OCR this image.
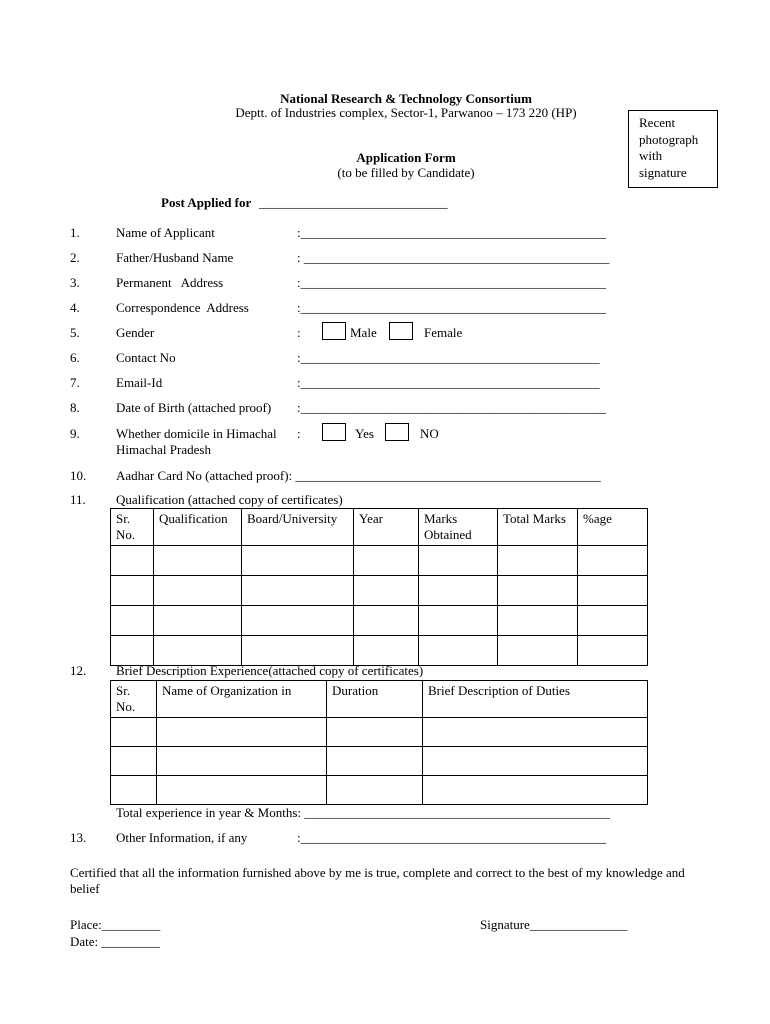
National Research & Technology Consortium
Deptt. of Industries complex, Sector-1, Parwanoo – 173 220 (HP)
Application Form
(to be filled by Candidate)
Recent
photograph
with
signature
Post Applied for _____________________________
1.	Name of Applicant	:_______________________________________________
2.	Father/Husband Name	: _______________________________________________
3.	Permanent   Address	:_______________________________________________
4.	Correspondence  Address	:_______________________________________________
5.	Gender	:	Male	Female
6.	Contact No	:______________________________________________
7.	Email-Id	:______________________________________________
8.	Date of Birth (attached proof) :_______________________________________________
9.	Whether domicile in Himachal
Himachal Pradesh
:	Yes	NO
10. Aadhar Card No (attached proof): _______________________________________________
11. Qualification (attached copy of certificates)
Sr. No.	Qualification	Board/University	Year	Marks Obtained	Total Marks	%age

12. Brief Description Experience(attached copy of certificates)
Sr. No.	Name of Organization in	Duration	Brief Description of Duties

Total experience in year & Months: _______________________________________________
13. Other Information, if any	:_______________________________________________
Certified that all the information furnished above by me is true, complete and correct to the best of my knowledge and
belief
Place:_________
Date: _________
Signature_______________
